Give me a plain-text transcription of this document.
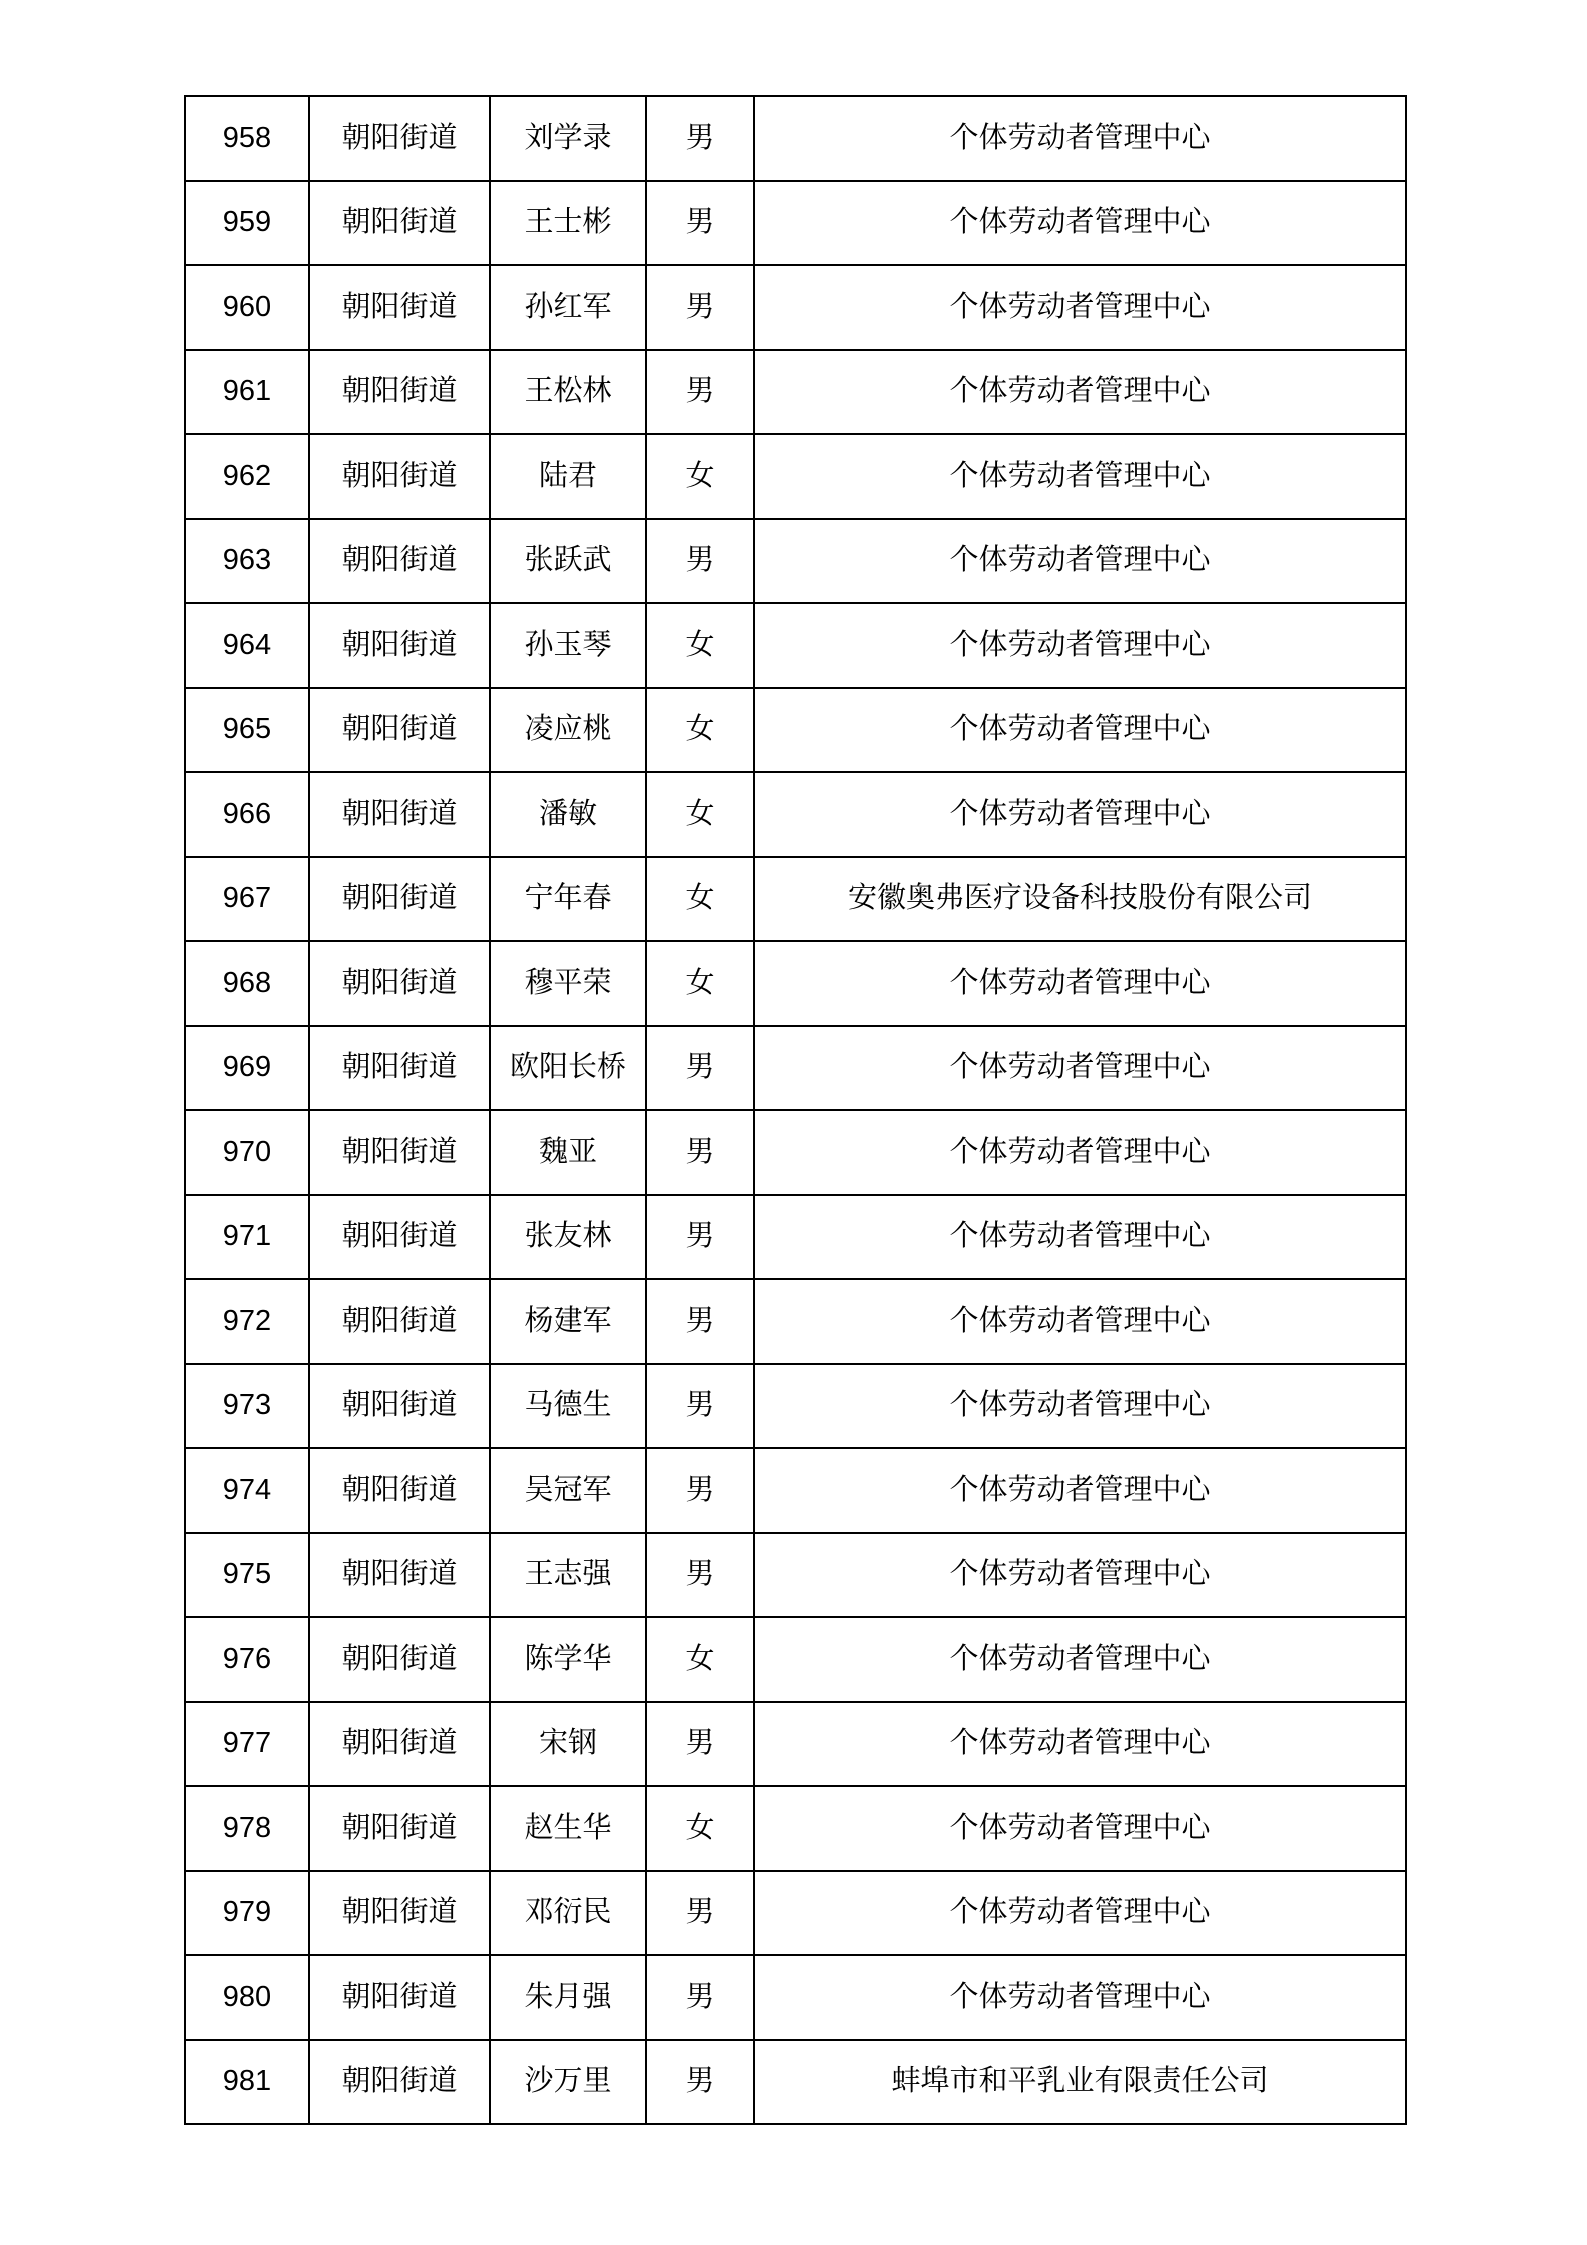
958	朝阳街道	刘学录	男	个体劳动者管理中心
959	朝阳街道	王士彬	男	个体劳动者管理中心
960	朝阳街道	孙红军	男	个体劳动者管理中心
961	朝阳街道	王松林	男	个体劳动者管理中心
962	朝阳街道	陆君	女	个体劳动者管理中心
963	朝阳街道	张跃武	男	个体劳动者管理中心
964	朝阳街道	孙玉琴	女	个体劳动者管理中心
965	朝阳街道	凌应桃	女	个体劳动者管理中心
966	朝阳街道	潘敏	女	个体劳动者管理中心
967	朝阳街道	宁年春	女	安徽奥弗医疗设备科技股份有限公司
968	朝阳街道	穆平荣	女	个体劳动者管理中心
969	朝阳街道	欧阳长桥	男	个体劳动者管理中心
970	朝阳街道	魏亚	男	个体劳动者管理中心
971	朝阳街道	张友林	男	个体劳动者管理中心
972	朝阳街道	杨建军	男	个体劳动者管理中心
973	朝阳街道	马德生	男	个体劳动者管理中心
974	朝阳街道	吴冠军	男	个体劳动者管理中心
975	朝阳街道	王志强	男	个体劳动者管理中心
976	朝阳街道	陈学华	女	个体劳动者管理中心
977	朝阳街道	宋钢	男	个体劳动者管理中心
978	朝阳街道	赵生华	女	个体劳动者管理中心
979	朝阳街道	邓衍民	男	个体劳动者管理中心
980	朝阳街道	朱月强	男	个体劳动者管理中心
981	朝阳街道	沙万里	男	蚌埠市和平乳业有限责任公司
